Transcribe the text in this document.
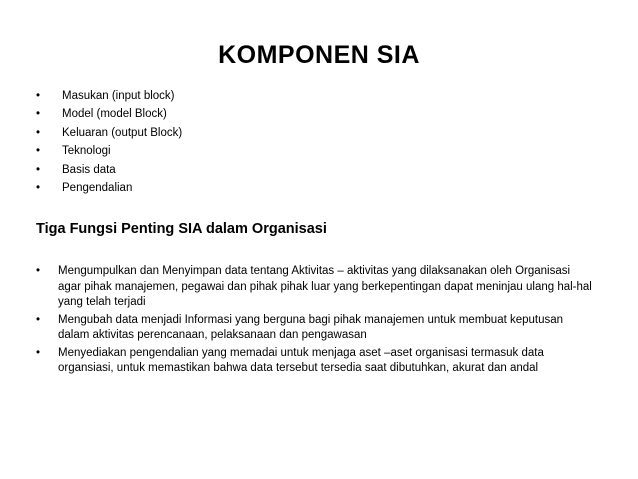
KOMPONEN SIA
•	Masukan (input block)
•	Model (model Block)
•	Keluaran (output Block)
•	Teknologi
•	Basis data
•	Pengendalian
Tiga Fungsi Penting SIA dalam Organisasi
•	Mengumpulkan dan Menyimpan data tentang Aktivitas – aktivitas yang dilaksanakan oleh Organisasi agar pihak manajemen, pegawai dan pihak pihak luar yang berkepentingan dapat meninjau ulang hal-hal yang telah terjadi
•	Mengubah data menjadi Informasi yang berguna bagi pihak manajemen untuk membuat keputusan dalam aktivitas perencanaan, pelaksanaan dan pengawasan
•	Menyediakan pengendalian yang memadai untuk menjaga aset –aset organisasi termasuk data organsiasi, untuk memastikan bahwa data tersebut tersedia saat dibutuhkan, akurat dan andal
